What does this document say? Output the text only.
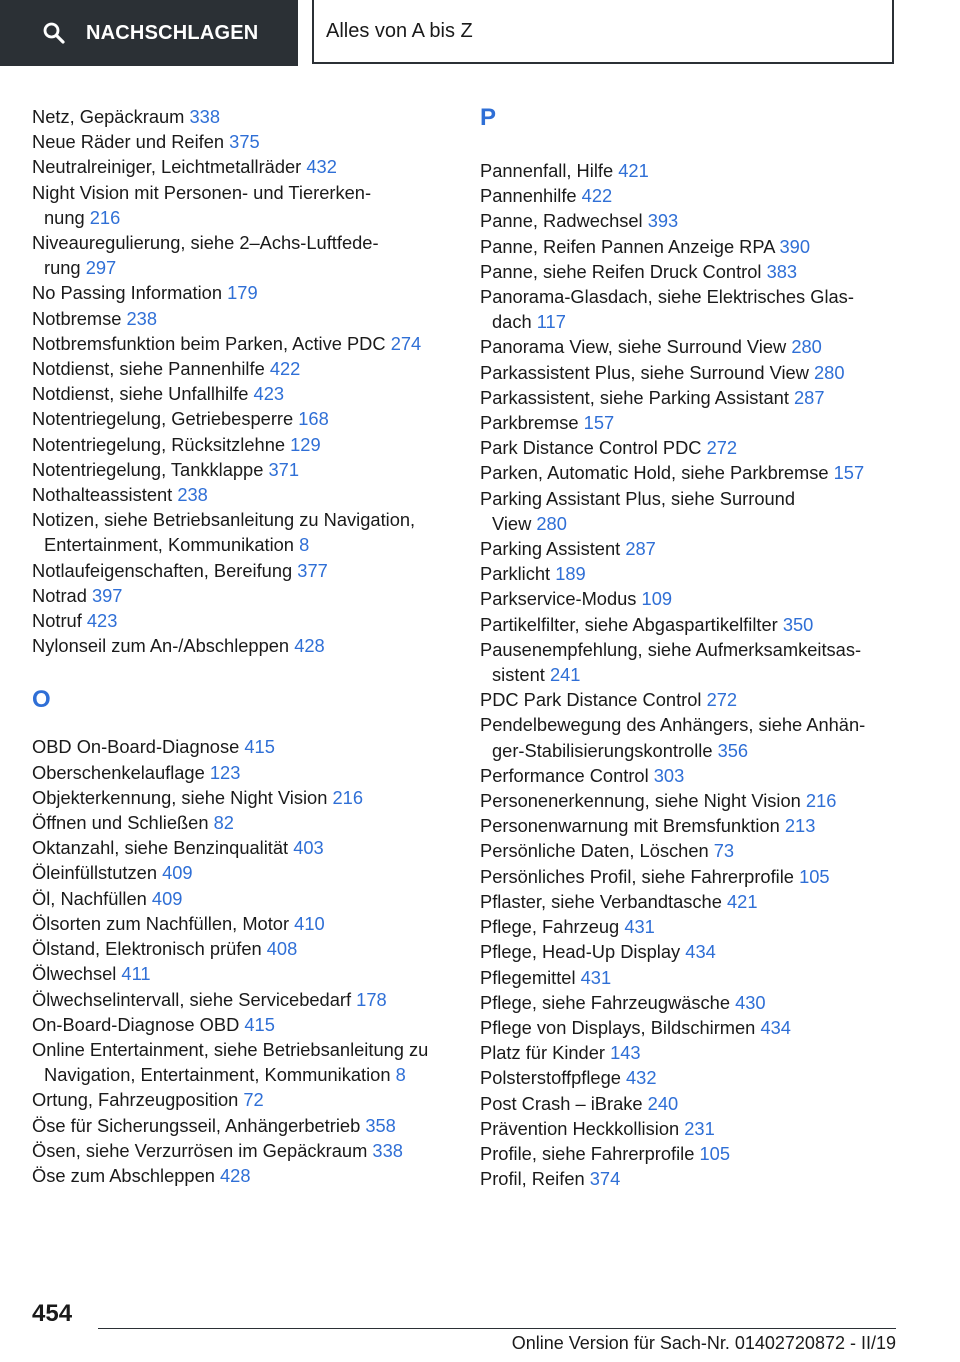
NACHSCHLAGEN	Alles von A bis Z
Netz, Gepäckraum 338
Neue Räder und Reifen 375
Neutralreiniger, Leichtmetallräder 432
Night Vision mit Personen- und Tiererken-
nung 216
Niveauregulierung, siehe 2–Achs-Luftfede-
rung 297
No Passing Information 179
Notbremse 238
Notbremsfunktion beim Parken, Active PDC 274
Notdienst, siehe Pannenhilfe 422
Notdienst, siehe Unfallhilfe 423
Notentriegelung, Getriebesperre 168
Notentriegelung, Rücksitzlehne 129
Notentriegelung, Tankklappe 371
Nothalteassistent 238
Notizen, siehe Betriebsanleitung zu Navigation,
Entertainment, Kommunikation 8
Notlaufeigenschaften, Bereifung 377
Notrad 397
Notruf 423
Nylonseil zum An-/Abschleppen 428
O
OBD On-Board-Diagnose 415
Oberschenkelauflage 123
Objekterkennung, siehe Night Vision 216
Öffnen und Schließen 82
Oktanzahl, siehe Benzinqualität 403
Öleinfüllstutzen 409
Öl, Nachfüllen 409
Ölsorten zum Nachfüllen, Motor 410
Ölstand, Elektronisch prüfen 408
Ölwechsel 411
Ölwechselintervall, siehe Servicebedarf 178
On-Board-Diagnose OBD 415
Online Entertainment, siehe Betriebsanleitung zu
Navigation, Entertainment, Kommunikation 8
Ortung, Fahrzeugposition 72
Öse für Sicherungsseil, Anhängerbetrieb 358
Ösen, siehe Verzurrösen im Gepäckraum 338
Öse zum Abschleppen 428
P
Pannenfall, Hilfe 421
Pannenhilfe 422
Panne, Radwechsel 393
Panne, Reifen Pannen Anzeige RPA 390
Panne, siehe Reifen Druck Control 383
Panorama-Glasdach, siehe Elektrisches Glas-
dach 117
Panorama View, siehe Surround View 280
Parkassistent Plus, siehe Surround View 280
Parkassistent, siehe Parking Assistant 287
Parkbremse 157
Park Distance Control PDC 272
Parken, Automatic Hold, siehe Parkbremse 157
Parking Assistant Plus, siehe Surround
View 280
Parking Assistent 287
Parklicht 189
Parkservice-Modus 109
Partikelfilter, siehe Abgaspartikelfilter 350
Pausenempfehlung, siehe Aufmerksamkeitsas-
sistent 241
PDC Park Distance Control 272
Pendelbewegung des Anhängers, siehe Anhän-
ger-Stabilisierungskontrolle 356
Performance Control 303
Personenerkennung, siehe Night Vision 216
Personenwarnung mit Bremsfunktion 213
Persönliche Daten, Löschen 73
Persönliches Profil, siehe Fahrerprofile 105
Pflaster, siehe Verbandtasche 421
Pflege, Fahrzeug 431
Pflege, Head-Up Display 434
Pflegemittel 431
Pflege, siehe Fahrzeugwäsche 430
Pflege von Displays, Bildschirmen 434
Platz für Kinder 143
Polsterstoffpflege 432
Post Crash – iBrake 240
Prävention Heckkollision 231
Profile, siehe Fahrerprofile 105
Profil, Reifen 374
454
Online Version für Sach-Nr. 01402720872 - II/19
